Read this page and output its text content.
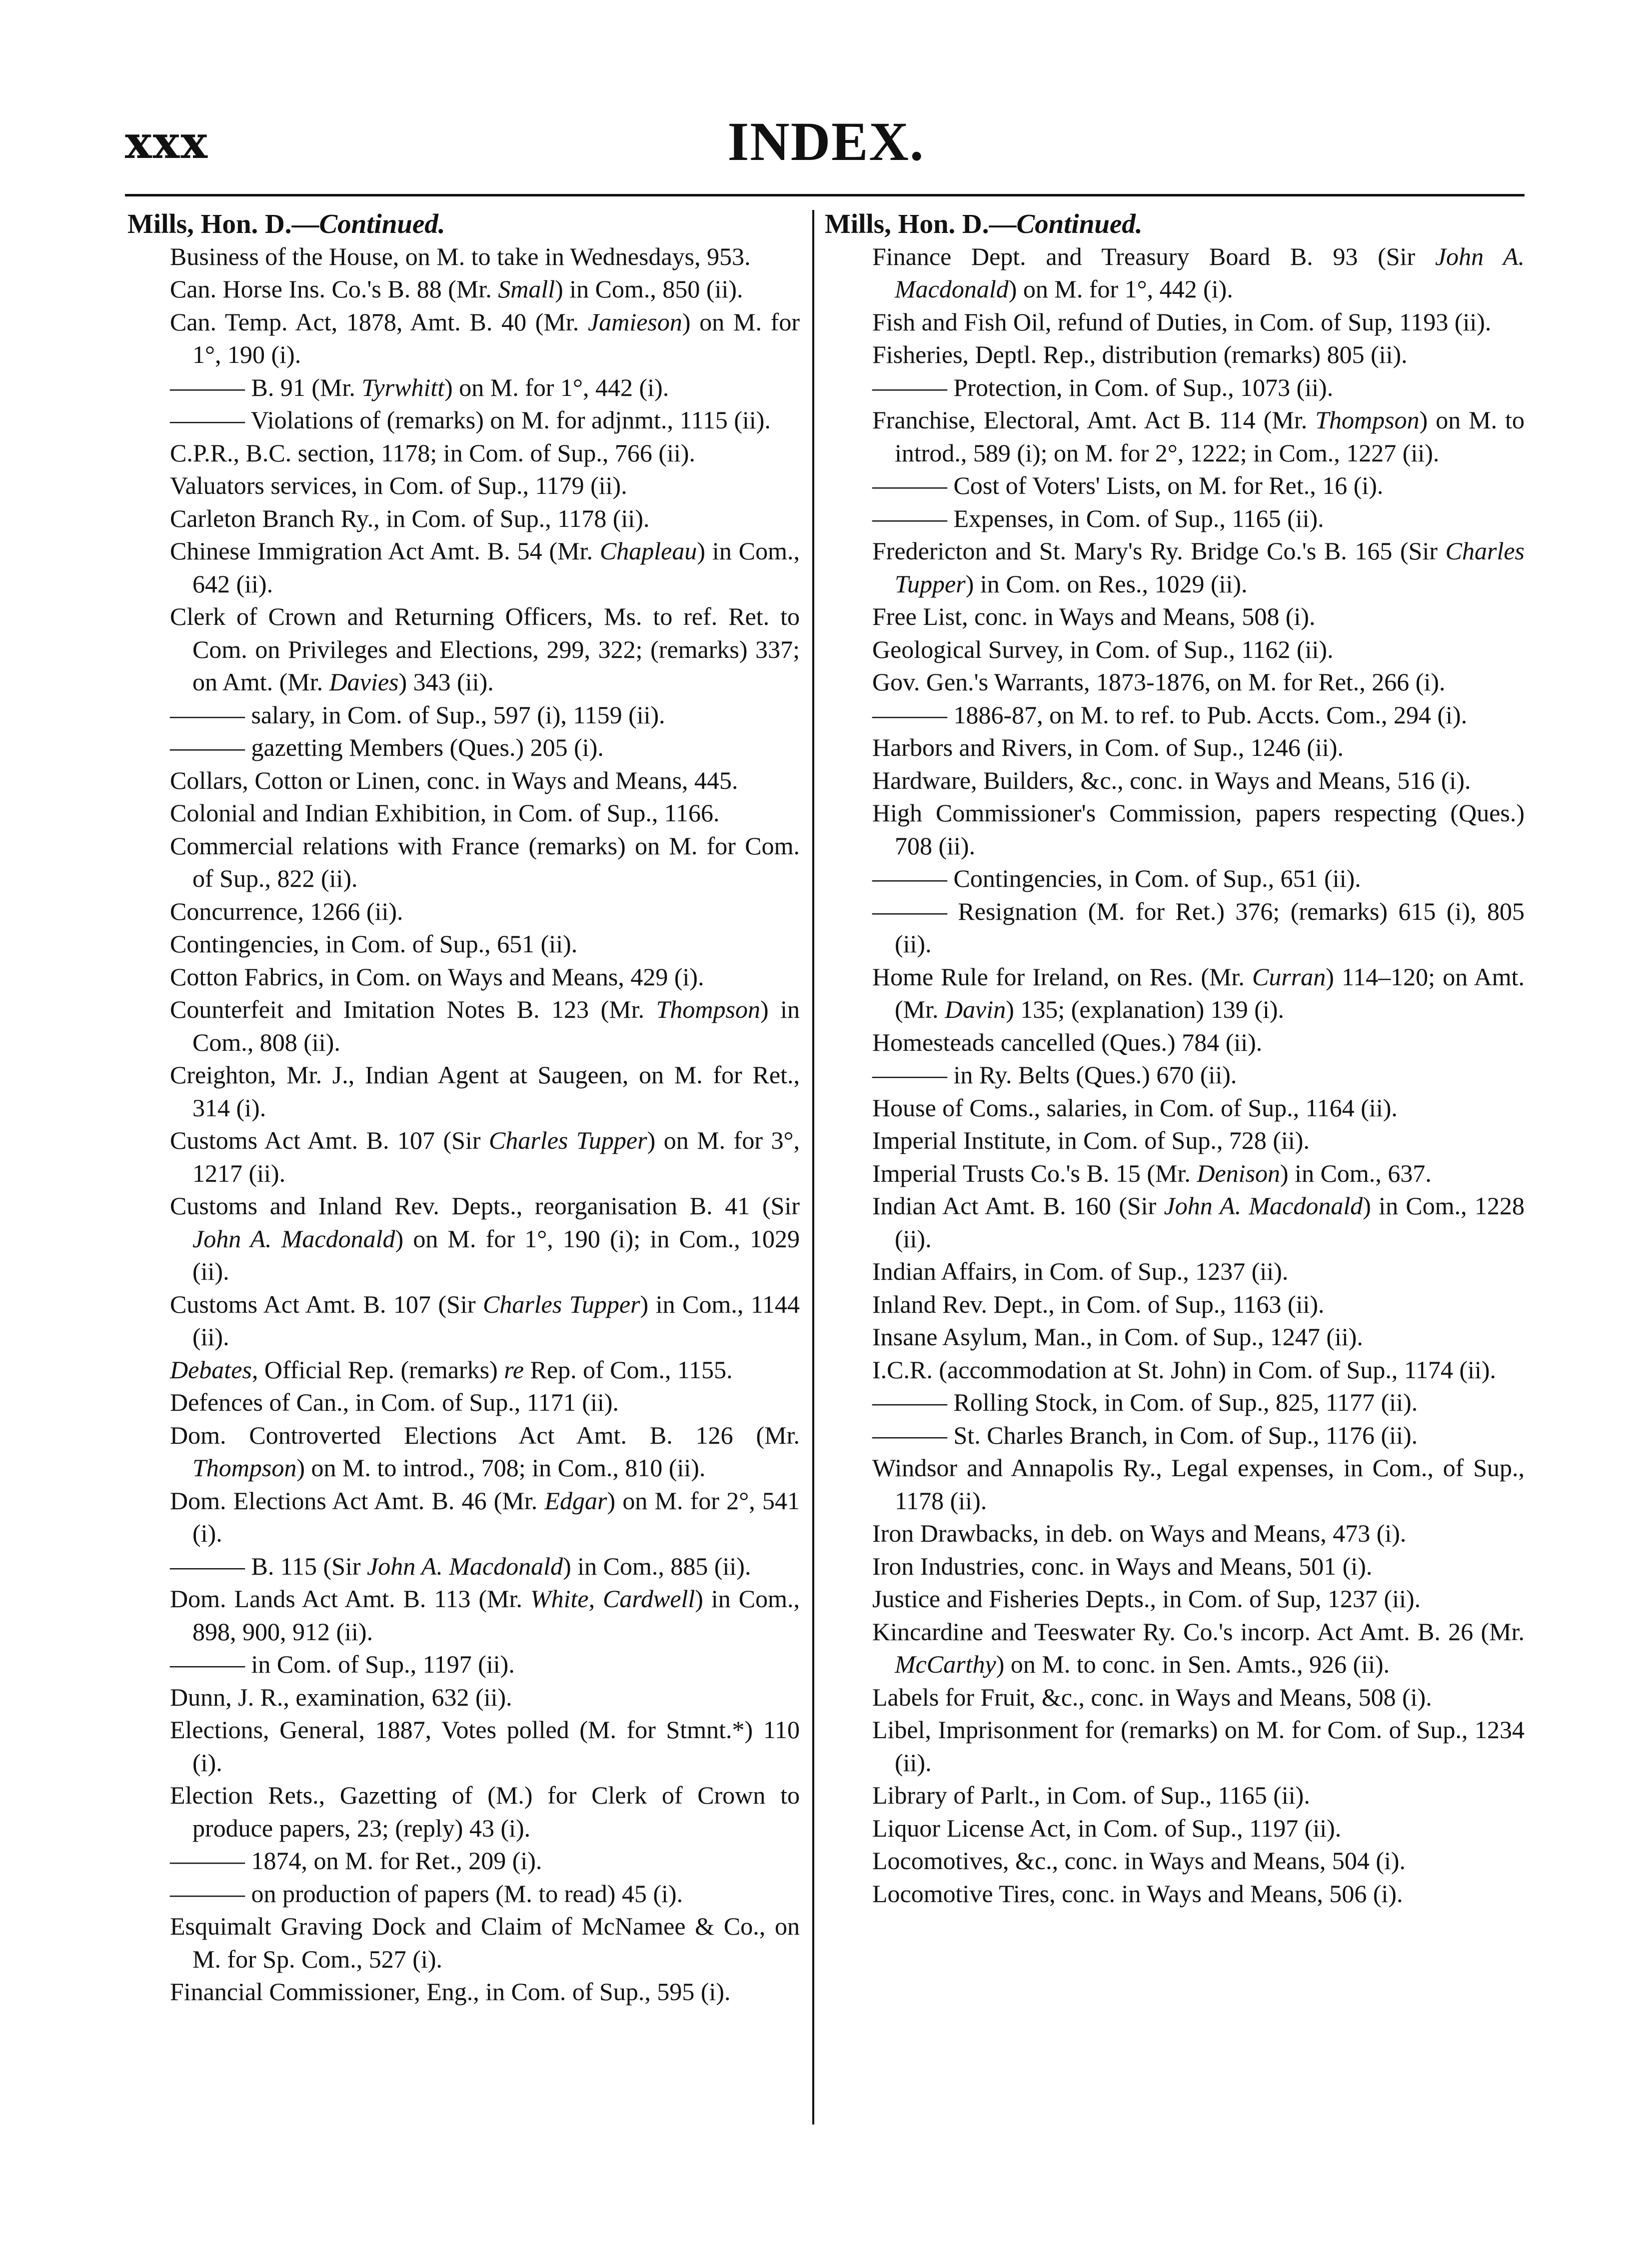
xxx	INDEX.
Mills, Hon. D.—Continued.
Business of the House, on M. to take in Wednesdays, 953.
Can. Horse Ins. Co.'s B. 88 (Mr. Small) in Com., 850 (ii).
Can. Temp. Act, 1878, Amt. B. 40 (Mr. Jamieson) on M. for 1°, 190 (i).
——— B. 91 (Mr. Tyrwhitt) on M. for 1°, 442 (i).
——— Violations of (remarks) on M. for adjnmt., 1115 (ii).
C.P.R., B.C. section, 1178; in Com. of Sup., 766 (ii).
Valuators services, in Com. of Sup., 1179 (ii).
Carleton Branch Ry., in Com. of Sup., 1178 (ii).
Chinese Immigration Act Amt. B. 54 (Mr. Chapleau) in Com., 642 (ii).
Clerk of Crown and Returning Officers, Ms. to ref. Ret. to Com. on Privileges and Elections, 299, 322; (remarks) 337; on Amt. (Mr. Davies) 343 (ii).
——— salary, in Com. of Sup., 597 (i), 1159 (ii).
——— gazetting Members (Ques.) 205 (i).
Collars, Cotton or Linen, conc. in Ways and Means, 445.
Colonial and Indian Exhibition, in Com. of Sup., 1166.
Commercial relations with France (remarks) on M. for Com. of Sup., 822 (ii).
Concurrence, 1266 (ii).
Contingencies, in Com. of Sup., 651 (ii).
Cotton Fabrics, in Com. on Ways and Means, 429 (i).
Counterfeit and Imitation Notes B. 123 (Mr. Thompson) in Com., 808 (ii).
Creighton, Mr. J., Indian Agent at Saugeen, on M. for Ret., 314 (i).
Customs Act Amt. B. 107 (Sir Charles Tupper) on M. for 3°, 1217 (ii).
Customs and Inland Rev. Depts., reorganisation B. 41 (Sir John A. Macdonald) on M. for 1°, 190 (i); in Com., 1029 (ii).
Customs Act Amt. B. 107 (Sir Charles Tupper) in Com., 1144 (ii).
Debates, Official Rep. (remarks) re Rep. of Com., 1155.
Defences of Can., in Com. of Sup., 1171 (ii).
Dom. Controverted Elections Act Amt. B. 126 (Mr. Thompson) on M. to introd., 708; in Com., 810 (ii).
Dom. Elections Act Amt. B. 46 (Mr. Edgar) on M. for 2°, 541 (i).
——— B. 115 (Sir John A. Macdonald) in Com., 885 (ii).
Dom. Lands Act Amt. B. 113 (Mr. White, Cardwell) in Com., 898, 900, 912 (ii).
——— in Com. of Sup., 1197 (ii).
Dunn, J. R., examination, 632 (ii).
Elections, General, 1887, Votes polled (M. for Stmnt.*) 110 (i).
Election Rets., Gazetting of (M.) for Clerk of Crown to produce papers, 23; (reply) 43 (i).
——— 1874, on M. for Ret., 209 (i).
——— on production of papers (M. to read) 45 (i).
Esquimalt Graving Dock and Claim of McNamee & Co., on M. for Sp. Com., 527 (i).
Financial Commissioner, Eng., in Com. of Sup., 595 (i).
Mills, Hon. D.—Continued.
Finance Dept. and Treasury Board B. 93 (Sir John A. Macdonald) on M. for 1°, 442 (i).
Fish and Fish Oil, refund of Duties, in Com. of Sup, 1193 (ii).
Fisheries, Deptl. Rep., distribution (remarks) 805 (ii).
——— Protection, in Com. of Sup., 1073 (ii).
Franchise, Electoral, Amt. Act B. 114 (Mr. Thompson) on M. to introd., 589 (i); on M. for 2°, 1222; in Com., 1227 (ii).
——— Cost of Voters' Lists, on M. for Ret., 16 (i).
——— Expenses, in Com. of Sup., 1165 (ii).
Fredericton and St. Mary's Ry. Bridge Co.'s B. 165 (Sir Charles Tupper) in Com. on Res., 1029 (ii).
Free List, conc. in Ways and Means, 508 (i).
Geological Survey, in Com. of Sup., 1162 (ii).
Gov. Gen.'s Warrants, 1873-1876, on M. for Ret., 266 (i).
——— 1886-87, on M. to ref. to Pub. Accts. Com., 294 (i).
Harbors and Rivers, in Com. of Sup., 1246 (ii).
Hardware, Builders, &c., conc. in Ways and Means, 516 (i).
High Commissioner's Commission, papers respecting (Ques.) 708 (ii).
——— Contingencies, in Com. of Sup., 651 (ii).
——— Resignation (M. for Ret.) 376; (remarks) 615 (i), 805 (ii).
Home Rule for Ireland, on Res. (Mr. Curran) 114–120; on Amt. (Mr. Davin) 135; (explanation) 139 (i).
Homesteads cancelled (Ques.) 784 (ii).
——— in Ry. Belts (Ques.) 670 (ii).
House of Coms., salaries, in Com. of Sup., 1164 (ii).
Imperial Institute, in Com. of Sup., 728 (ii).
Imperial Trusts Co.'s B. 15 (Mr. Denison) in Com., 637.
Indian Act Amt. B. 160 (Sir John A. Macdonald) in Com., 1228 (ii).
Indian Affairs, in Com. of Sup., 1237 (ii).
Inland Rev. Dept., in Com. of Sup., 1163 (ii).
Insane Asylum, Man., in Com. of Sup., 1247 (ii).
I.C.R. (accommodation at St. John) in Com. of Sup., 1174 (ii).
——— Rolling Stock, in Com. of Sup., 825, 1177 (ii).
——— St. Charles Branch, in Com. of Sup., 1176 (ii).
Windsor and Annapolis Ry., Legal expenses, in Com., of Sup., 1178 (ii).
Iron Drawbacks, in deb. on Ways and Means, 473 (i).
Iron Industries, conc. in Ways and Means, 501 (i).
Justice and Fisheries Depts., in Com. of Sup, 1237 (ii).
Kincardine and Teeswater Ry. Co.'s incorp. Act Amt. B. 26 (Mr. McCarthy) on M. to conc. in Sen. Amts., 926 (ii).
Labels for Fruit, &c., conc. in Ways and Means, 508 (i).
Libel, Imprisonment for (remarks) on M. for Com. of Sup., 1234 (ii).
Library of Parlt., in Com. of Sup., 1165 (ii).
Liquor License Act, in Com. of Sup., 1197 (ii).
Locomotives, &c., conc. in Ways and Means, 504 (i).
Locomotive Tires, conc. in Ways and Means, 506 (i).
